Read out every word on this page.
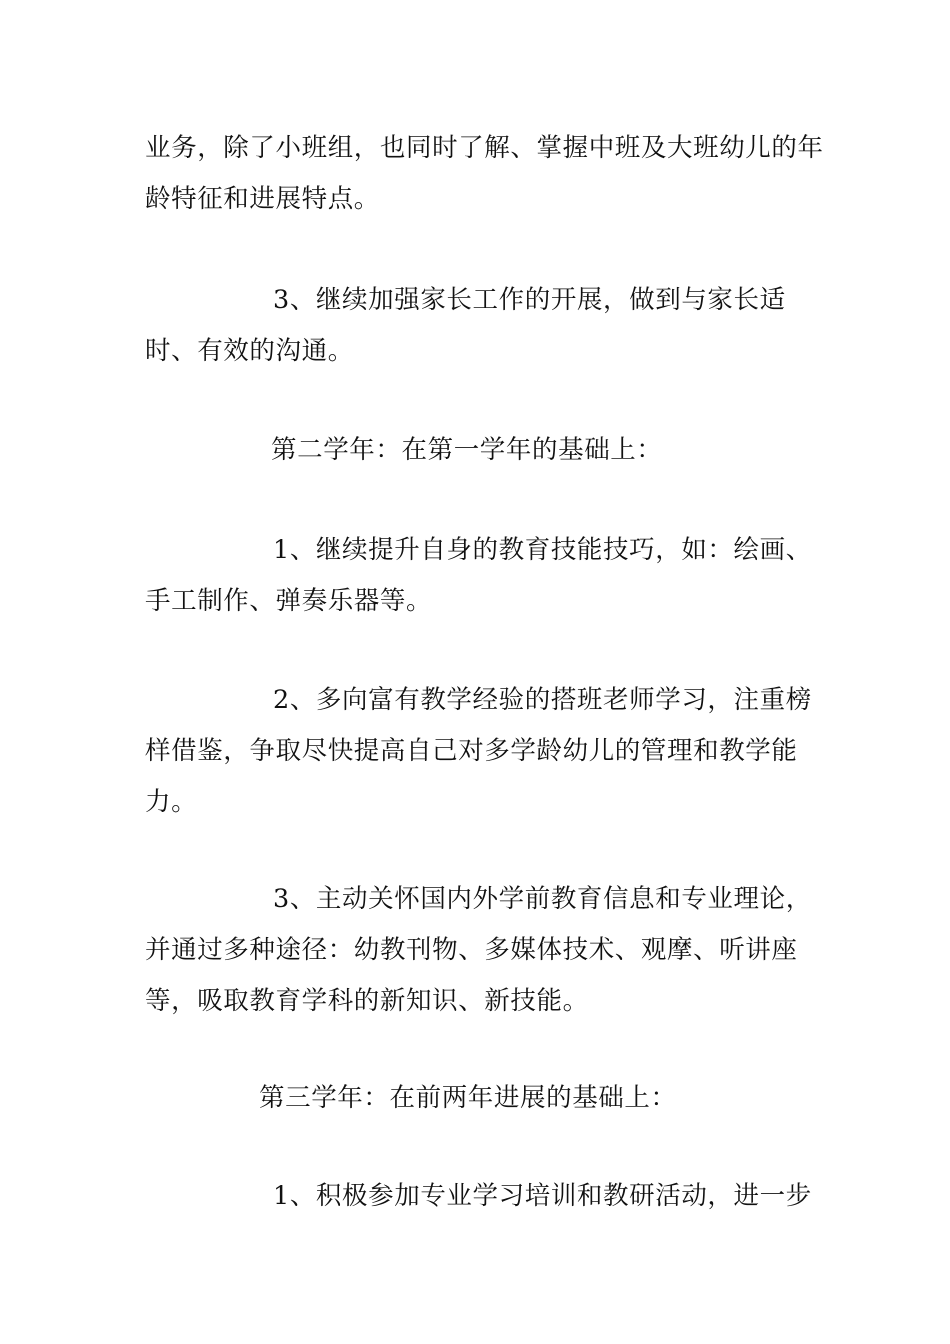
业务，除了小班组，也同时了解、掌握中班及大班幼儿的年龄特征和进展特点。

3、继续加强家长工作的开展，做到与家长适时、有效的沟通。

第二学年：在第一学年的基础上：

1、继续提升自身的教育技能技巧，如：绘画、手工制作、弹奏乐器等。

2、多向富有教学经验的搭班老师学习，注重榜样借鉴，争取尽快提高自己对多学龄幼儿的管理和教学能力。

3、主动关怀国内外学前教育信息和专业理论，并通过多种途径：幼教刊物、多媒体技术、观摩、听讲座等，吸取教育学科的新知识、新技能。

第三学年：在前两年进展的基础上：

1、积极参加专业学习培训和教研活动，进一步
